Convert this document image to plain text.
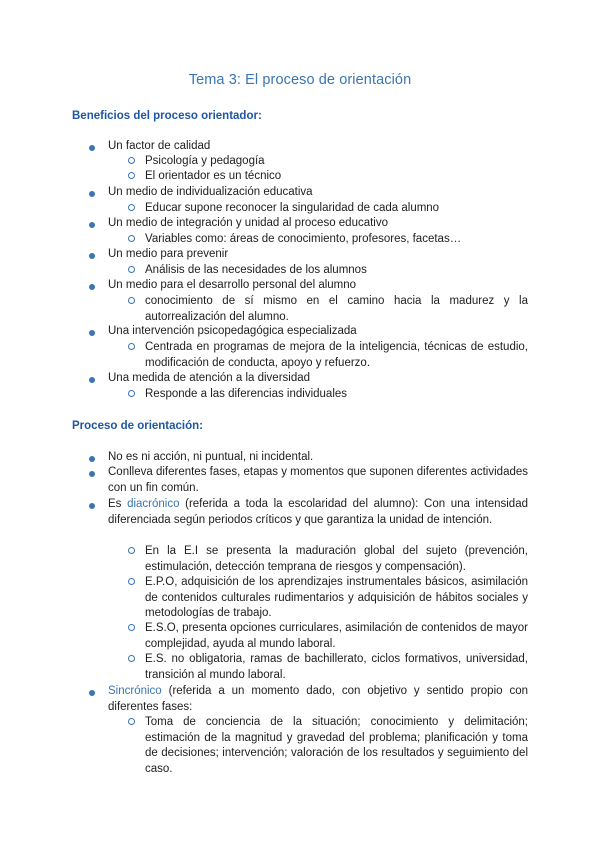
Tema 3: El proceso de orientación
Beneficios del proceso orientador:
Un factor de calidad
Psicología y pedagogía
El orientador es un técnico
Un medio de individualización educativa
Educar supone reconocer la singularidad de cada alumno
Un medio de integración y unidad al proceso educativo
Variables como: áreas de conocimiento, profesores, facetas…
Un medio para prevenir
Análisis de las necesidades de los alumnos
Un medio para el desarrollo personal del alumno
conocimiento de sí mismo en el camino hacia la madurez y la autorrealización del alumno.
Una intervención psicopedagógica especializada
Centrada en programas de mejora de la inteligencia, técnicas de estudio, modificación de conducta, apoyo y refuerzo.
Una medida de atención a la diversidad
Responde a las diferencias individuales
Proceso de orientación:
No es ni acción, ni puntual, ni incidental.
Conlleva diferentes fases, etapas y momentos que suponen diferentes actividades con un fin común.
Es diacrónico (referida a toda la escolaridad del alumno): Con una intensidad diferenciada según periodos críticos y que garantiza la unidad de intención.
En la E.I se presenta la maduración global del sujeto (prevención, estimulación, detección temprana de riesgos y compensación).
E.P.O, adquisición de los aprendizajes instrumentales básicos, asimilación de contenidos culturales rudimentarios y adquisición de hábitos sociales y metodologías de trabajo.
E.S.O, presenta opciones curriculares, asimilación de contenidos de mayor complejidad, ayuda al mundo laboral.
E.S. no obligatoria, ramas de bachillerato, ciclos formativos, universidad, transición al mundo laboral.
Sincrónico (referida a un momento dado, con objetivo y sentido propio con diferentes fases:
Toma de conciencia de la situación; conocimiento y delimitación; estimación de la magnitud y gravedad del problema; planificación y toma de decisiones; intervención; valoración de los resultados y seguimiento del caso.
